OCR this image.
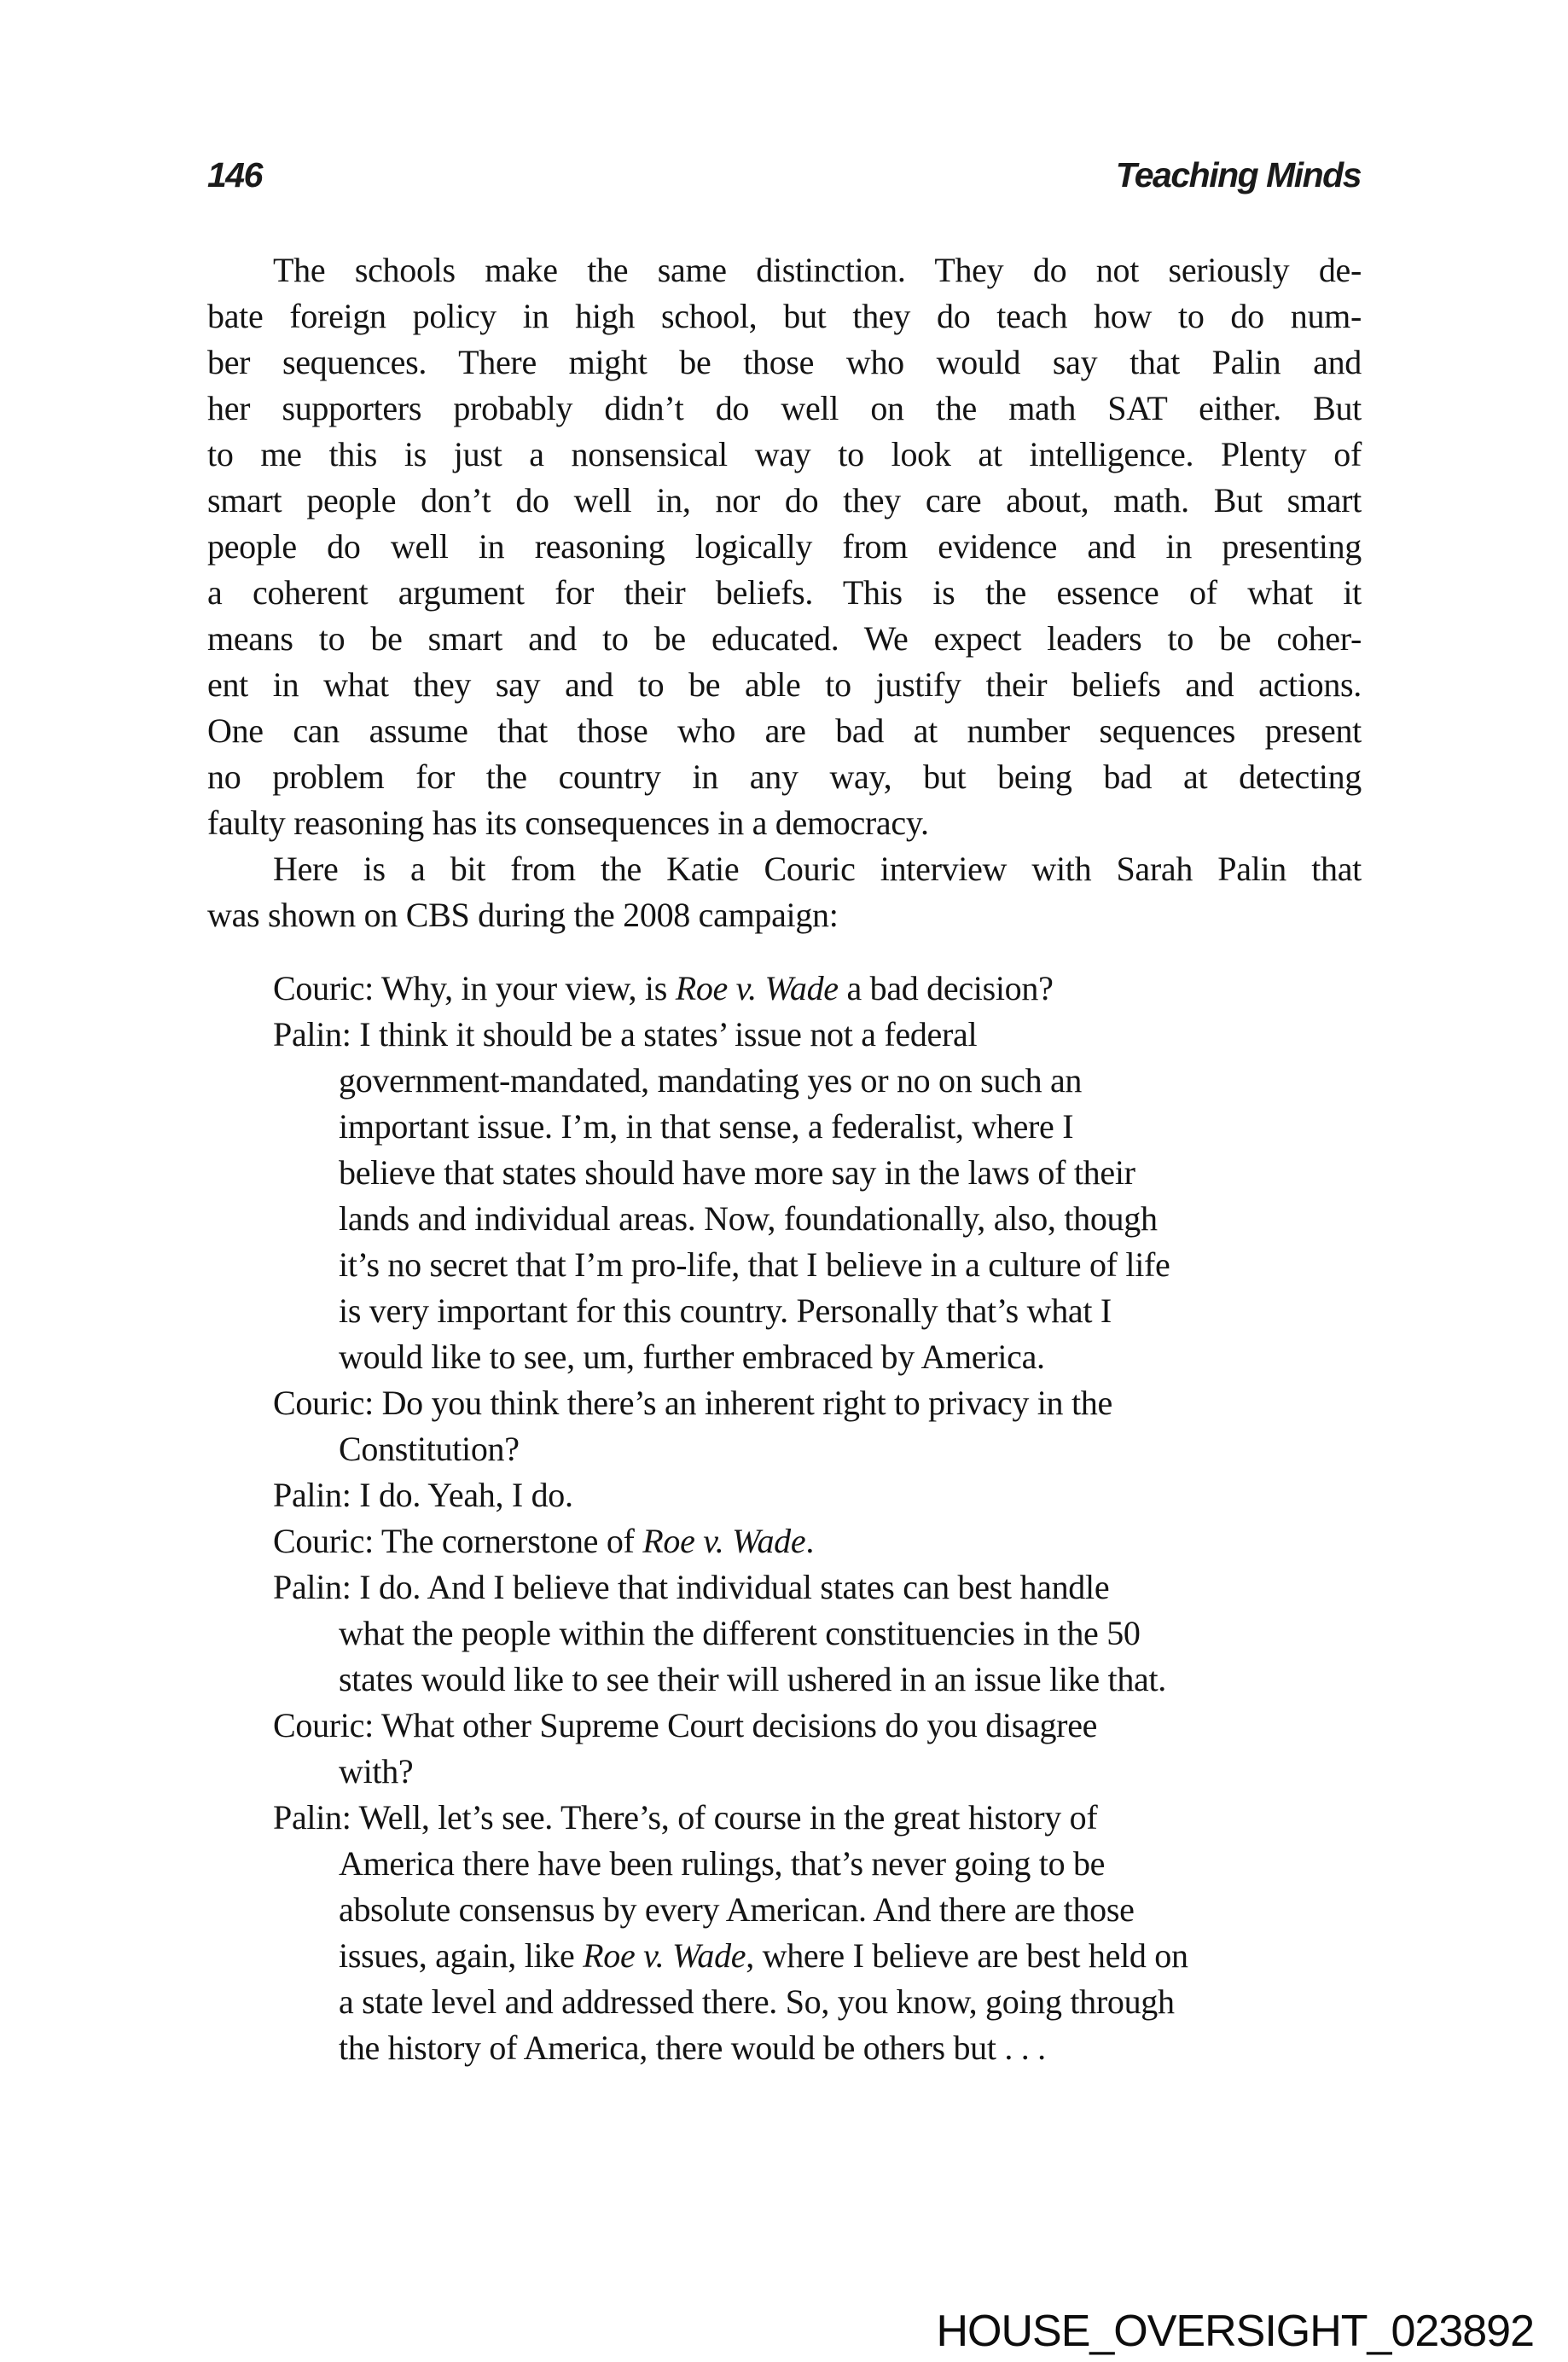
146	Teaching Minds
The schools make the same distinction. They do not seriously de-
bate foreign policy in high school, but they do teach how to do num-
ber sequences. There might be those who would say that Palin and
her supporters probably didn’t do well on the math SAT either. But
to me this is just a nonsensical way to look at intelligence. Plenty of
smart people don’t do well in, nor do they care about, math. But smart
people do well in reasoning logically from evidence and in presenting
a coherent argument for their beliefs. This is the essence of what it
means to be smart and to be educated. We expect leaders to be coher-
ent in what they say and to be able to justify their beliefs and actions.
One can assume that those who are bad at number sequences present
no problem for the country in any way, but being bad at detecting
faulty reasoning has its consequences in a democracy.
Here is a bit from the Katie Couric interview with Sarah Palin that
was shown on CBS during the 2008 campaign:
Couric: Why, in your view, is Roe v. Wade a bad decision?
Palin: I think it should be a states’ issue not a federal
government-mandated, mandating yes or no on such an
important issue. I’m, in that sense, a federalist, where I
believe that states should have more say in the laws of their
lands and individual areas. Now, foundationally, also, though
it’s no secret that I’m pro-life, that I believe in a culture of life
is very important for this country. Personally that’s what I
would like to see, um, further embraced by America.
Couric: Do you think there’s an inherent right to privacy in the
Constitution?
Palin: I do. Yeah, I do.
Couric: The cornerstone of Roe v. Wade.
Palin: I do. And I believe that individual states can best handle
what the people within the different constituencies in the 50
states would like to see their will ushered in an issue like that.
Couric: What other Supreme Court decisions do you disagree
with?
Palin: Well, let’s see. There’s, of course in the great history of
America there have been rulings, that’s never going to be
absolute consensus by every American. And there are those
issues, again, like Roe v. Wade, where I believe are best held on
a state level and addressed there. So, you know, going through
the history of America, there would be others but . . .
HOUSE_OVERSIGHT_023892
